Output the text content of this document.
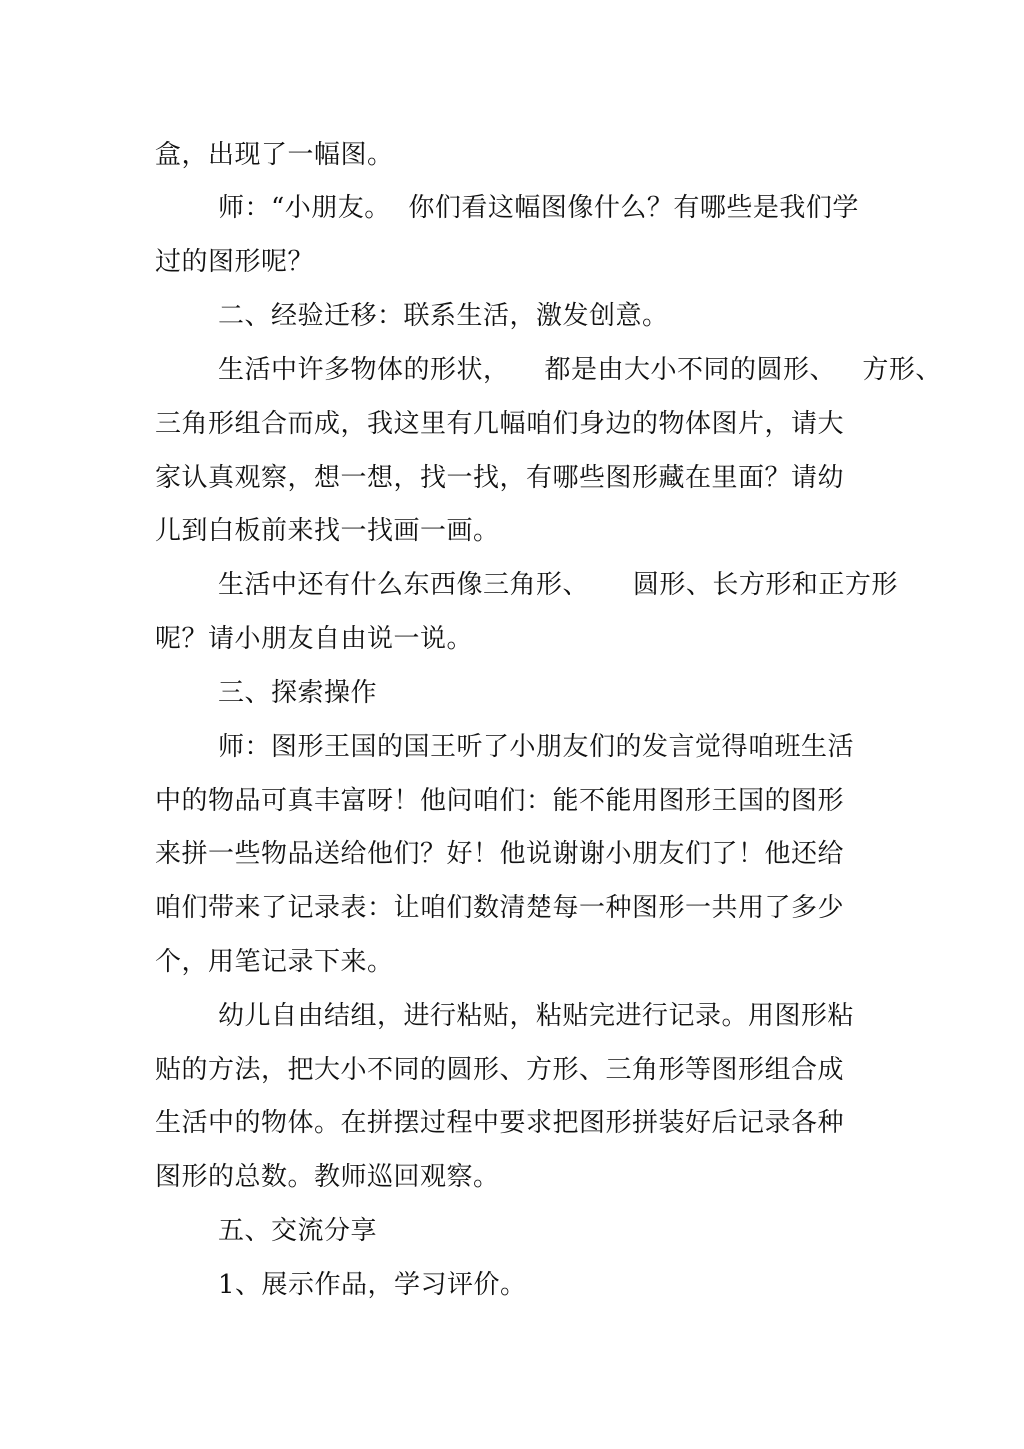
盒，出现了一幅图。
师：“小朋友。  你们看这幅图像什么？有哪些是我们学
过的图形呢？
二、经验迁移：联系生活，激发创意。
生活中许多物体的形状，    都是由大小不同的圆形、   方形、
三角形组合而成，我这里有几幅咱们身边的物体图片，请大
家认真观察，想一想，找一找，有哪些图形藏在里面？请幼
儿到白板前来找一找画一画。
生活中还有什么东西像三角形、     圆形、长方形和正方形
呢？请小朋友自由说一说。
三、探索操作
师：图形王国的国王听了小朋友们的发言觉得咱班生活
中的物品可真丰富呀！他问咱们：能不能用图形王国的图形
来拼一些物品送给他们？好！他说谢谢小朋友们了！他还给
咱们带来了记录表：让咱们数清楚每一种图形一共用了多少
个，用笔记录下来。
幼儿自由结组，进行粘贴，粘贴完进行记录。用图形粘
贴的方法，把大小不同的圆形、方形、三角形等图形组合成
生活中的物体。在拼摆过程中要求把图形拼装好后记录各种
图形的总数。教师巡回观察。
五、交流分享
1、展示作品，学习评价。
